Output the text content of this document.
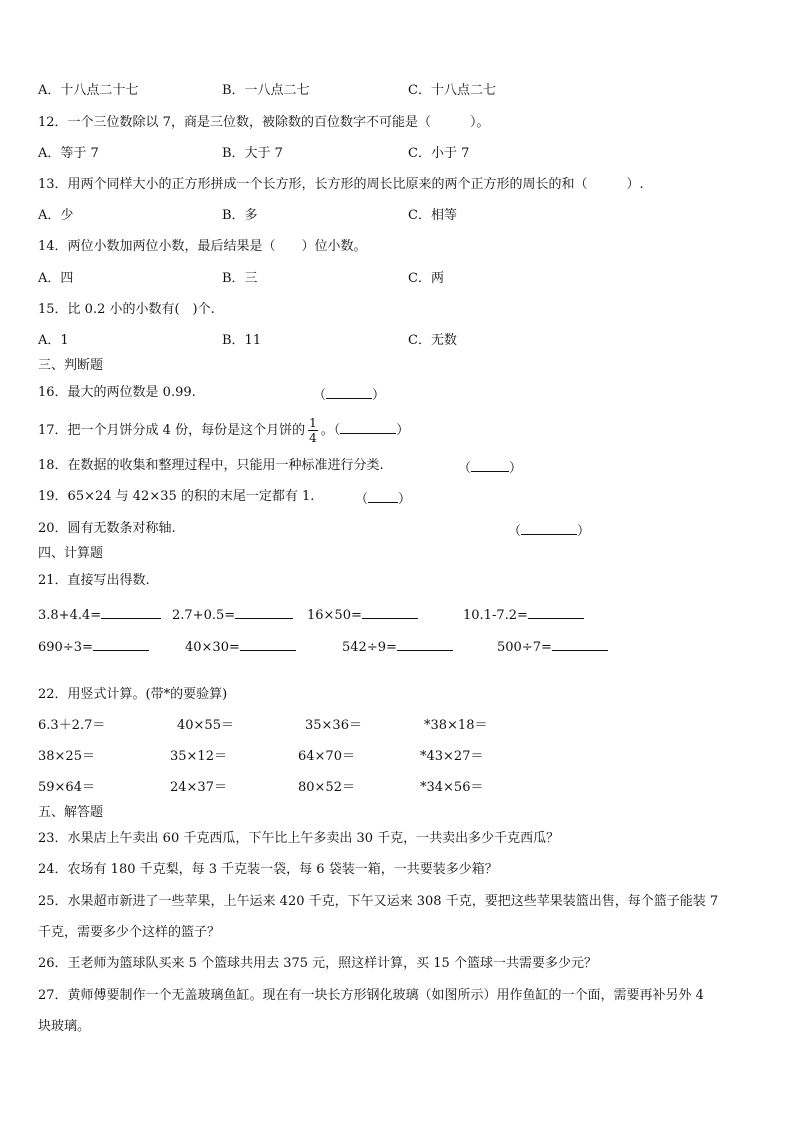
A．十八点二十七	B．一八点二七	C．十八点二七
12．一个三位数除以 7，商是三位数，被除数的百位数字不可能是（　　　）。
A．等于 7	B．大于 7	C．小于 7
13．用两个同样大小的正方形拼成一个长方形，长方形的周长比原来的两个正方形的周长的和（　　　）.
A．少	B．多	C．相等
14．两位小数加两位小数，最后结果是（　　）位小数。
A．四	B．三	C．两
15．比 0.2 小的小数有(　)个.
A．1	B．11	C．无数
三、判断题
16．最大的两位数是 0.99.	（	）
17．把一个月饼分成 4 份，每份是这个月饼的 $\frac{1}{4}$ 。（	）
18．在数据的收集和整理过程中，只能用一种标准进行分类.	（	）
19．65×24 与 42×35 的积的末尾一定都有 1.	（ ）
20．圆有无数条对称轴.	（	）
四、计算题
21．直接写出得数.
3.8+4.4=	2.7+0.5=	16×50=	10.1-7.2=
690÷3=	40×30=	542÷9=	500÷7=
22．用竖式计算。(带*的要验算)
6.3＋2.7＝	40×55＝	35×36＝	*38×18＝
38×25＝	35×12＝	64×70＝	*43×27＝
59×64＝	24×37＝	80×52＝	*34×56＝
五、解答题
23．水果店上午卖出 60 千克西瓜，下午比上午多卖出 30 千克，一共卖出多少千克西瓜？
24．农场有 180 千克梨，每 3 千克装一袋，每 6 袋装一箱，一共要装多少箱？
25．水果超市新进了一些苹果，上午运来 420 千克，下午又运来 308 千克，要把这些苹果装篮出售，每个篮子能装 7
千克，需要多少个这样的篮子？
26．王老师为篮球队买来 5 个篮球共用去 375 元，照这样计算，买 15 个篮球一共需要多少元？
27．黄师傅要制作一个无盖玻璃鱼缸。现在有一块长方形钢化玻璃（如图所示）用作鱼缸的一个面，需要再补另外 4
块玻璃。
